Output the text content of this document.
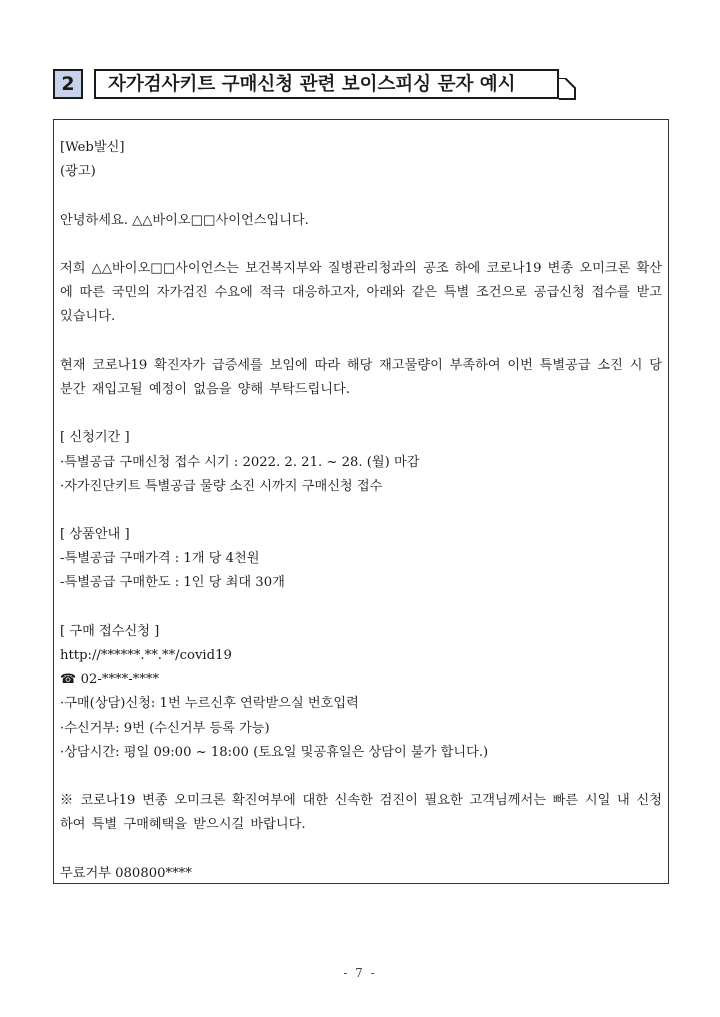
2	자가검사키트 구매신청 관련 보이스피싱 문자 예시
[Web발신]
(광고)
안녕하세요. △△바이오□□사이언스입니다.

저희 △△바이오□□사이언스는 보건복지부와 질병관리청과의 공조 하에 코로나19 변종 오미크론 확산에 따른 국민의 자가검진 수요에 적극 대응하고자, 아래와 같은 특별 조건으로 공급신청 접수를 받고 있습니다.

현재 코로나19 확진자가 급증세를 보임에 따라 해당 재고물량이 부족하여 이번 특별공급 소진 시 당분간 재입고될 예정이 없음을 양해 부탁드립니다.

[ 신청기간 ]
·특별공급 구매신청 접수 시기 : 2022. 2. 21. ~ 28. (월) 마감
·자가진단키트 특별공급 물량 소진 시까지 구매신청 접수
[ 상품안내 ]
-특별공급 구매가격 : 1개 당 4천원
-특별공급 구매한도 : 1인 당 최대 30개
[ 구매 접수신청 ]
http://******.**.**/covid19
☎ 02-****-****
·구매(상담)신청: 1번 누르신후 연락받으실 번호입력
·수신거부: 9번 (수신거부 등록 가능)
·상담시간: 평일 09:00 ~ 18:00 (토요일 및공휴일은 상담이 불가 합니다.)

※ 코로나19 변종 오미크론 확진여부에 대한 신속한 검진이 필요한 고객님께서는 빠른 시일 내 신청하여 특별 구매혜택을 받으시길 바랍니다.

무료거부 080800****
- 7 -
